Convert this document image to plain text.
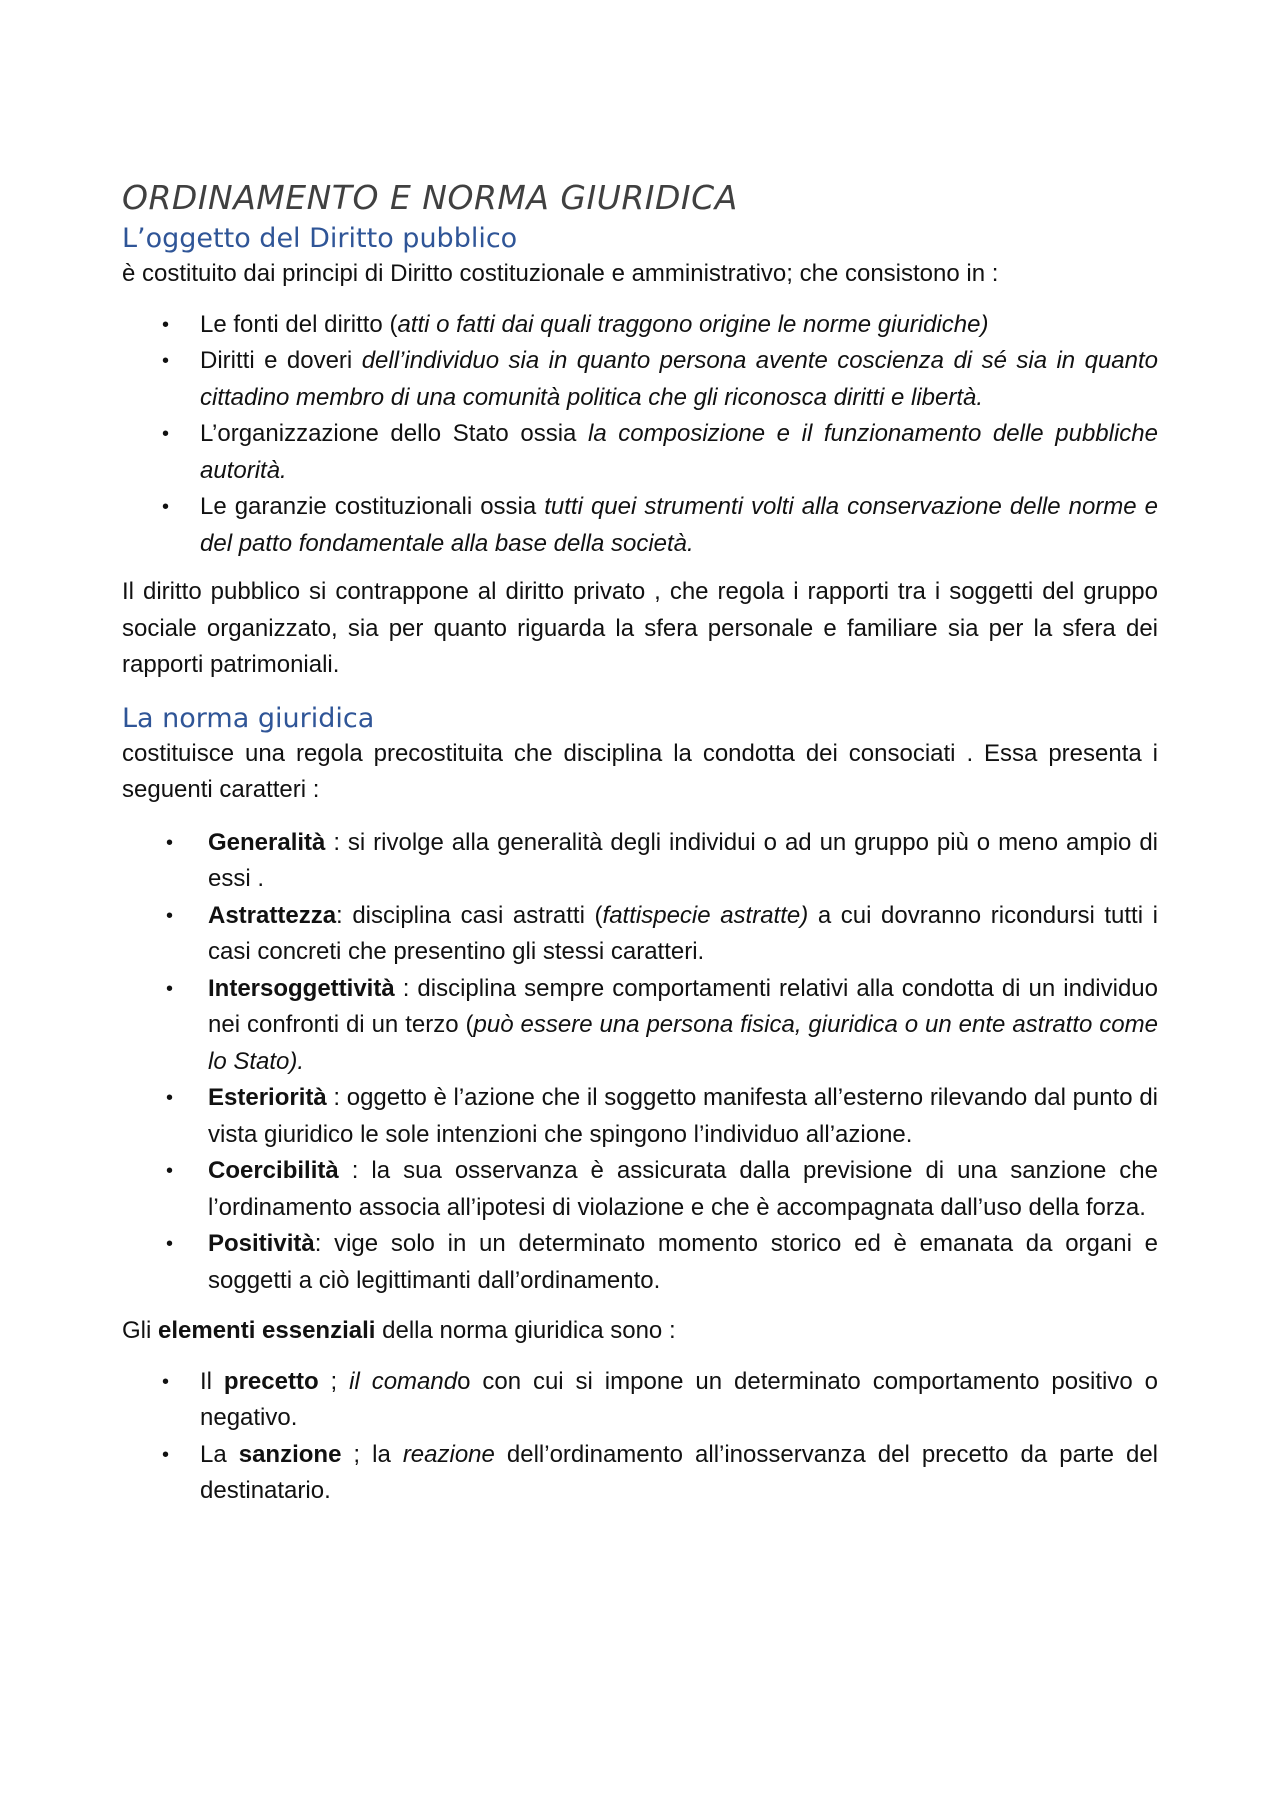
ORDINAMENTO E NORMA GIURIDICA
L’oggetto del Diritto pubblico

è costituito dai principi di Diritto costituzionale e amministrativo; che consistono in :

• Le fonti del diritto (atti o fatti dai quali traggono origine le norme giuridiche)
• Diritti e doveri dell’individuo sia in quanto persona avente coscienza di sé sia in quanto cittadino membro di una comunità politica che gli riconosca diritti e libertà.
• L’organizzazione dello Stato ossia la composizione e il funzionamento delle pubbliche autorità.
• Le garanzie costituzionali ossia tutti quei strumenti volti alla conservazione delle norme e del patto fondamentale alla base della società.

Il diritto pubblico si contrappone al diritto privato , che regola i rapporti tra i soggetti del gruppo sociale organizzato, sia per quanto riguarda la sfera personale e familiare sia per la sfera dei rapporti patrimoniali.

La norma giuridica

costituisce una regola precostituita che disciplina la condotta dei consociati . Essa presenta i seguenti caratteri :

• Generalità : si rivolge alla generalità degli individui o ad un gruppo più o meno ampio di essi .
• Astrattezza: disciplina casi astratti (fattispecie astratte) a cui dovranno ricondursi tutti i casi concreti che presentino gli stessi caratteri.
• Intersoggettività : disciplina sempre comportamenti relativi alla condotta di un individuo nei confronti di un terzo (può essere una persona fisica, giuridica o un ente astratto come lo Stato).
• Esteriorità : oggetto è l’azione che il soggetto manifesta all’esterno rilevando dal punto di vista giuridico le sole intenzioni che spingono l’individuo all’azione.
• Coercibilità : la sua osservanza è assicurata dalla previsione di una sanzione che l’ordinamento associa all’ipotesi di violazione e che è accompagnata dall’uso della forza.
• Positività: vige solo in un determinato momento storico ed è emanata da organi e soggetti a ciò legittimanti dall’ordinamento.

Gli elementi essenziali della norma giuridica sono :

• Il precetto ; il comando con cui si impone un determinato comportamento positivo o negativo.
• La sanzione ; la reazione dell’ordinamento all’inosservanza del precetto da parte del destinatario.
